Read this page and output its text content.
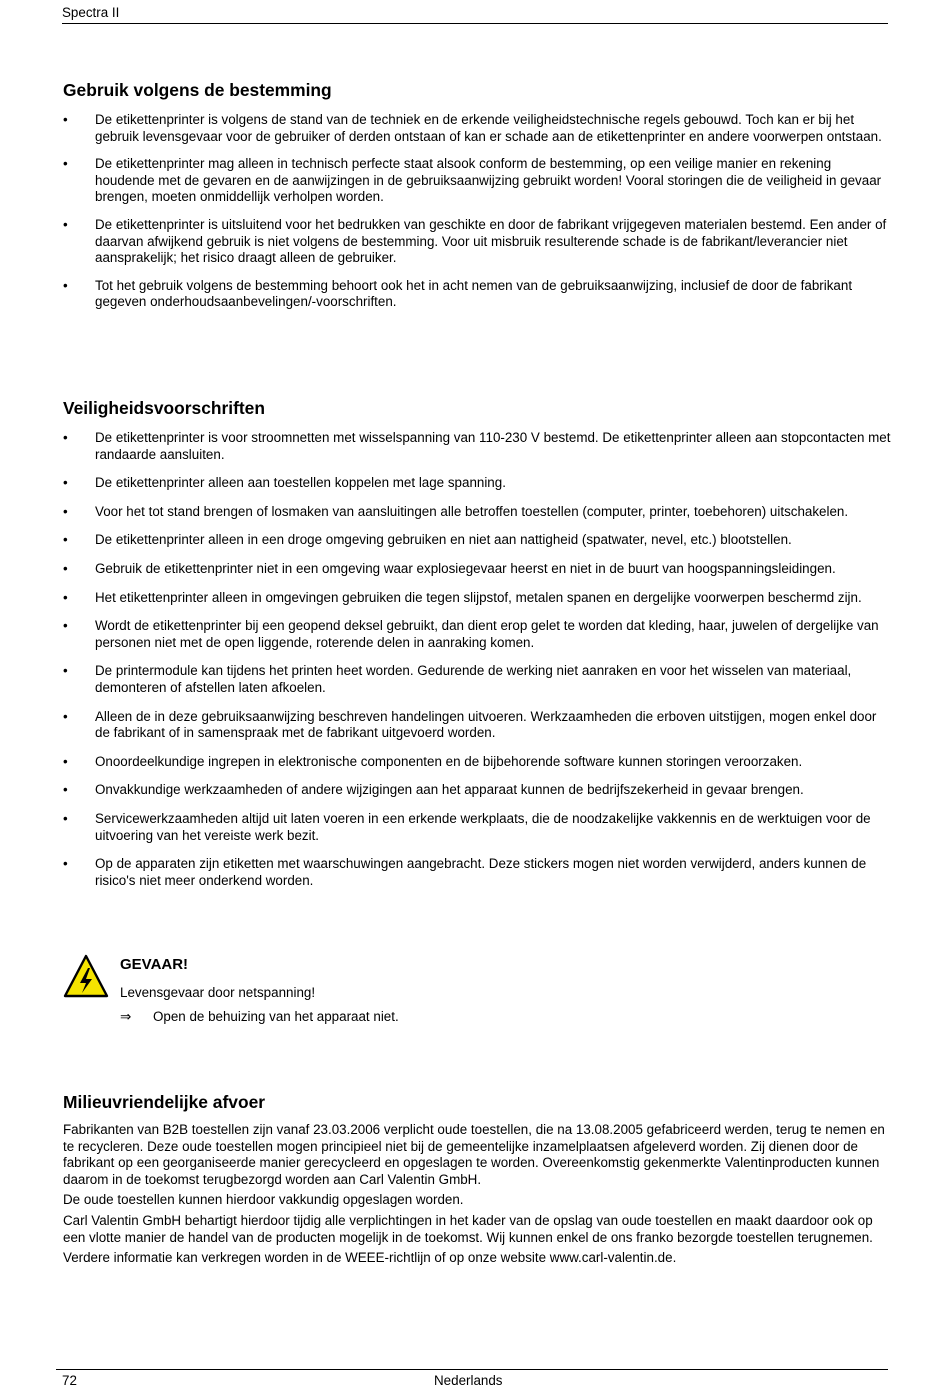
Spectra II
Gebruik volgens de bestemming
•	De etikettenprinter is volgens de stand van de techniek en de erkende veiligheidstechnische regels gebouwd. Toch kan er bij het gebruik levensgevaar voor de gebruiker of derden ontstaan of kan er schade aan de etikettenprinter en andere voorwerpen ontstaan.
•	De etikettenprinter mag alleen in technisch perfecte staat alsook conform de bestemming, op een veilige manier en rekening houdende met de gevaren en de aanwijzingen in de gebruiksaanwijzing gebruikt worden! Vooral storingen die de veiligheid in gevaar brengen, moeten onmiddellijk verholpen worden.
•	De etikettenprinter is uitsluitend voor het bedrukken van geschikte en door de fabrikant vrijgegeven materialen bestemd. Een ander of daarvan afwijkend gebruik is niet volgens de bestemming. Voor uit misbruik resulterende schade is de fabrikant/leverancier niet aansprakelijk; het risico draagt alleen de gebruiker.
•	Tot het gebruik volgens de bestemming behoort ook het in acht nemen van de gebruiksaanwijzing, inclusief de door de fabrikant gegeven onderhoudsaanbevelingen/-voorschriften.
Veiligheidsvoorschriften
•	De etikettenprinter is voor stroomnetten met wisselspanning van 110-230 V bestemd. De etikettenprinter alleen aan stopcontacten met randaarde aansluiten.
•	De etikettenprinter alleen aan toestellen koppelen met lage spanning.
•	Voor het tot stand brengen of losmaken van aansluitingen alle betroffen toestellen (computer, printer, toebehoren) uitschakelen.
•	De etikettenprinter alleen in een droge omgeving gebruiken en niet aan nattigheid (spatwater, nevel, etc.) blootstellen.
•	Gebruik de etikettenprinter niet in een omgeving waar explosiegevaar heerst en niet in de buurt van hoogspanningsleidingen.
•	Het etikettenprinter alleen in omgevingen gebruiken die tegen slijpstof, metalen spanen en dergelijke voorwerpen beschermd zijn.
•	Wordt de etikettenprinter bij een geopend deksel gebruikt, dan dient erop gelet te worden dat kleding, haar, juwelen of dergelijke van personen niet met de open liggende, roterende delen in aanraking komen.
•	De printermodule kan tijdens het printen heet worden. Gedurende de werking niet aanraken en voor het wisselen van materiaal, demonteren of afstellen laten afkoelen.
•	Alleen de in deze gebruiksaanwijzing beschreven handelingen uitvoeren. Werkzaamheden die erboven uitstijgen, mogen enkel door de fabrikant of in samenspraak met de fabrikant uitgevoerd worden.
•	Onoordeelkundige ingrepen in elektronische componenten en de bijbehorende software kunnen storingen veroorzaken.
•	Onvakkundige werkzaamheden of andere wijzigingen aan het apparaat kunnen de bedrijfszekerheid in gevaar brengen.
•	Servicewerkzaamheden altijd uit laten voeren in een erkende werkplaats, die de noodzakelijke vakkennis en de werktuigen voor de uitvoering van het vereiste werk bezit.
•	Op de apparaten zijn etiketten met waarschuwingen aangebracht. Deze stickers mogen niet worden verwijderd, anders kunnen de risico's niet meer onderkend worden.
GEVAAR!
Levensgevaar door netspanning!
⇒	Open de behuizing van het apparaat niet.
Milieuvriendelijke afvoer

Fabrikanten van B2B toestellen zijn vanaf 23.03.2006 verplicht oude toestellen, die na 13.08.2005 gefabriceerd werden, terug te nemen en te recycleren. Deze oude toestellen mogen principieel niet bij de gemeentelijke inzamelplaatsen afgeleverd worden. Zij dienen door de fabrikant op een georganiseerde manier gerecycleerd en opgeslagen te worden. Overeenkomstig gekenmerkte Valentinproducten kunnen daarom in de toekomst terugbezorgd worden aan Carl Valentin GmbH.

De oude toestellen kunnen hierdoor vakkundig opgeslagen worden.

Carl Valentin GmbH behartigt hierdoor tijdig alle verplichtingen in het kader van de opslag van oude toestellen en maakt daardoor ook op een vlotte manier de handel van de producten mogelijk in de toekomst. Wij kunnen enkel de ons franko bezorgde toestellen terugnemen.

Verdere informatie kan verkregen worden in de WEEE-richtlijn of op onze website www.carl-valentin.de.

72	Nederlands
